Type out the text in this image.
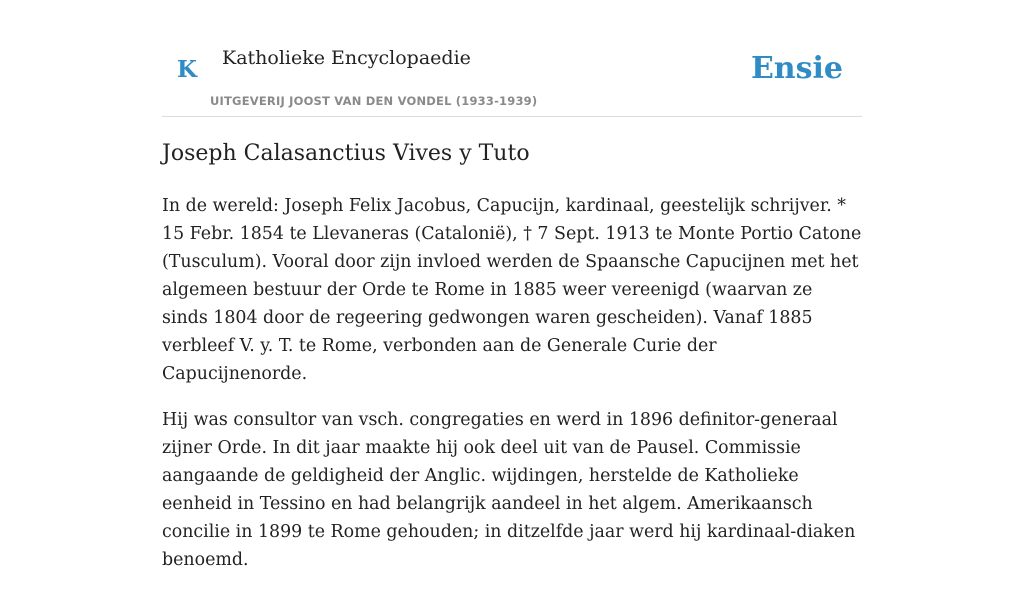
K Katholieke Encyclopaedie
UITGEVERIJ JOOST VAN DEN VONDEL (1933-1939)
Ensie
Joseph Calasanctius Vives y Tuto

In de wereld: Joseph Felix Jacobus, Capucijn, kardinaal, geestelijk schrijver. * 15 Febr. 1854 te Llevaneras (Catalonië), † 7 Sept. 1913 te Monte Portio Catone (Tusculum). Vooral door zijn invloed werden de Spaansche Capucijnen met het algemeen bestuur der Orde te Rome in 1885 weer vereenigd (waarvan ze sinds 1804 door de regeering gedwongen waren gescheiden). Vanaf 1885 verbleef V. y. T. te Rome, verbonden aan de Generale Curie der Capucijnenorde.

Hij was consultor van vsch. congregaties en werd in 1896 definitor-generaal zijner Orde. In dit jaar maakte hij ook deel uit van de Pausel. Commissie aangaande de geldigheid der Anglic. wijdingen, herstelde de Katholieke eenheid in Tessino en had belangrijk aandeel in het algem. Amerikaansch concilie in 1899 te Rome gehouden; in ditzelfde jaar werd hij kardinaal-diaken benoemd.
